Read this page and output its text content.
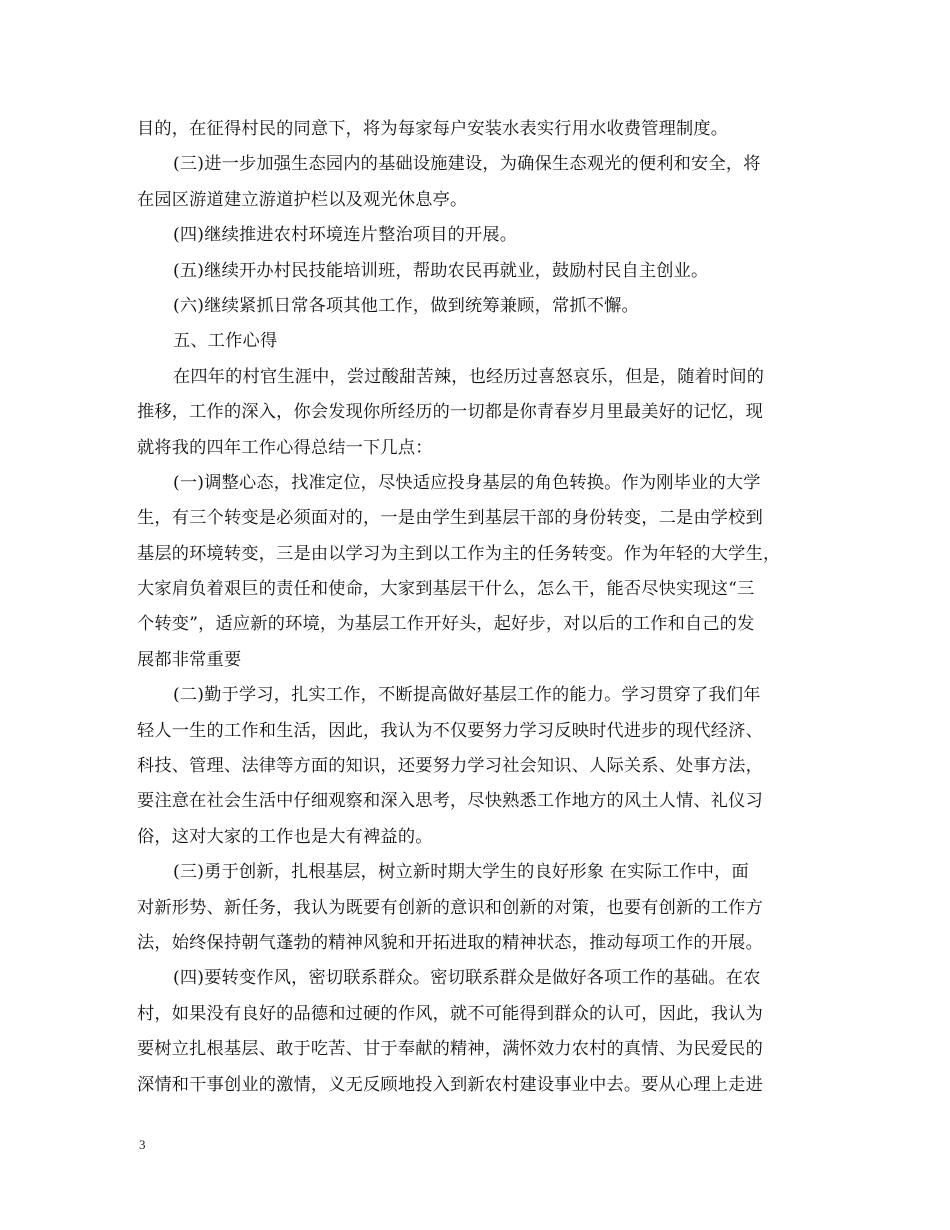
目的，在征得村民的同意下，将为每家每户安装水表实行用水收费管理制度。
(三)进一步加强生态园内的基础设施建设，为确保生态观光的便利和安全，将
在园区游道建立游道护栏以及观光休息亭。
(四)继续推进农村环境连片整治项目的开展。
(五)继续开办村民技能培训班，帮助农民再就业，鼓励村民自主创业。
(六)继续紧抓日常各项其他工作，做到统筹兼顾，常抓不懈。
五、工作心得
在四年的村官生涯中，尝过酸甜苦辣，也经历过喜怒哀乐，但是，随着时间的
推移，工作的深入，你会发现你所经历的一切都是你青春岁月里最美好的记忆，现
就将我的四年工作心得总结一下几点：
(一)调整心态，找准定位，尽快适应投身基层的角色转换。作为刚毕业的大学
生，有三个转变是必须面对的，一是由学生到基层干部的身份转变，二是由学校到
基层的环境转变，三是由以学习为主到以工作为主的任务转变。作为年轻的大学生，
大家肩负着艰巨的责任和使命，大家到基层干什么，怎么干，能否尽快实现这“三
个转变”，适应新的环境，为基层工作开好头，起好步，对以后的工作和自己的发
展都非常重要
(二)勤于学习，扎实工作，不断提高做好基层工作的能力。学习贯穿了我们年
轻人一生的工作和生活，因此，我认为不仅要努力学习反映时代进步的现代经济、
科技、管理、法律等方面的知识，还要努力学习社会知识、人际关系、处事方法，
要注意在社会生活中仔细观察和深入思考，尽快熟悉工作地方的风土人情、礼仪习
俗，这对大家的工作也是大有裨益的。
(三)勇于创新，扎根基层，树立新时期大学生的良好形象 在实际工作中，面
对新形势、新任务，我认为既要有创新的意识和创新的对策，也要有创新的工作方
法，始终保持朝气蓬勃的精神风貌和开拓进取的精神状态，推动每项工作的开展。
(四)要转变作风，密切联系群众。密切联系群众是做好各项工作的基础。在农
村，如果没有良好的品德和过硬的作风，就不可能得到群众的认可，因此，我认为
要树立扎根基层、敢于吃苦、甘于奉献的精神，满怀效力农村的真情、为民爱民的
深情和干事创业的激情，义无反顾地投入到新农村建设事业中去。要从心理上走进
3
